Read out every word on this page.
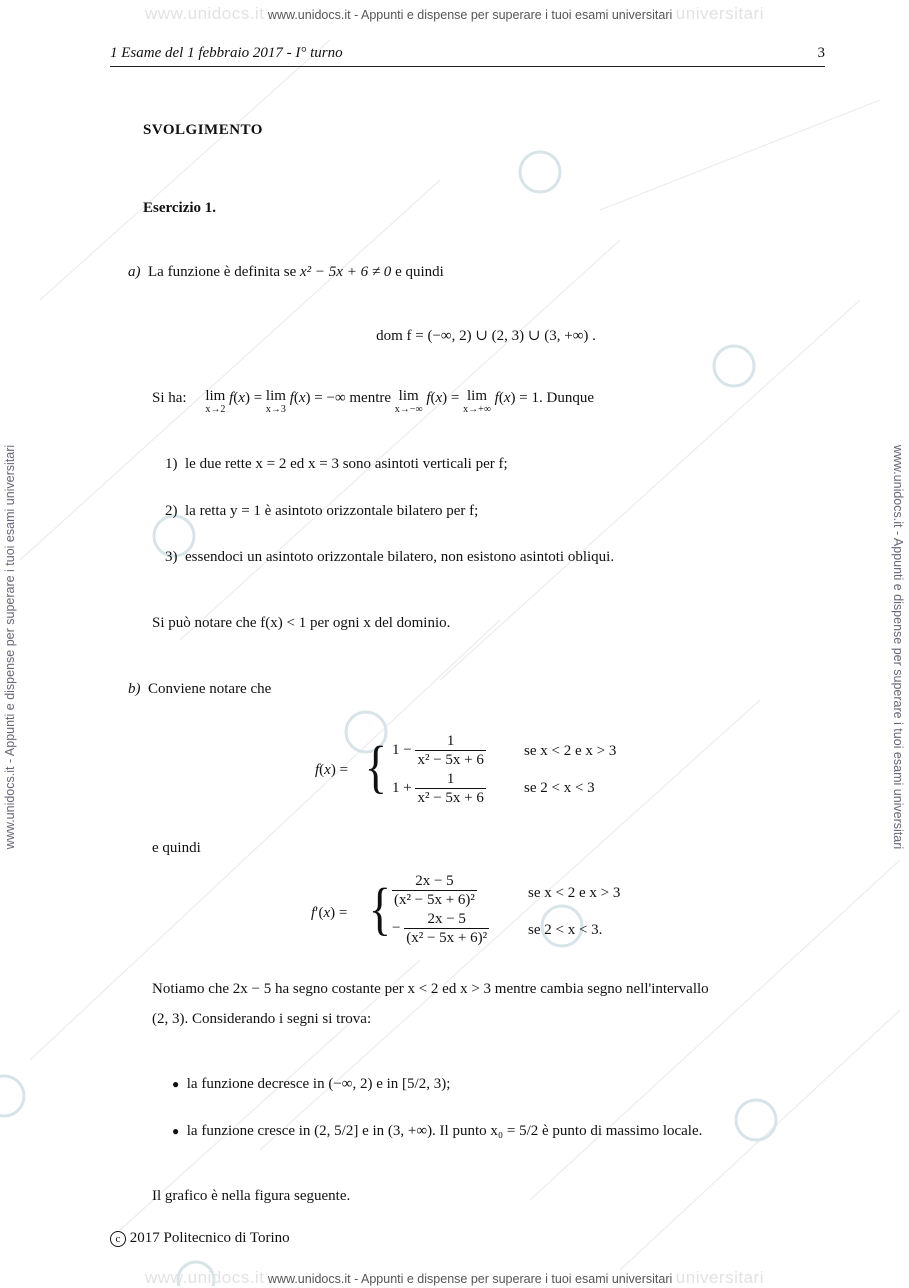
www.unidocs.it www.unidocs.it - Appunti e dispense per superare i tuoi esami universitari universitari
www.unidocs.it www.unidocs.it - Appunti e dispense per superare i tuoi esami universitari universitari
www.unidocs.it - Appunti e dispense per superare i tuoi esami universitari	www.unidocs.it - Appunti e dispense per superare i tuoi esami universitari
1 Esame del 1 febbraio 2017 - I° turno	3
SVOLGIMENTO
Esercizio 1.
a) La funzione è definita se x² − 5x + 6 ≠ 0 e quindi
dom f = (−∞, 2) ∪ (2, 3) ∪ (3, +∞) .
Si ha: lim
x→2
f(x) = lim
x→3
f(x) = −∞ mentre lim
x→−∞
f(x) = lim
x→+∞
f(x) = 1. Dunque
1) le due rette x = 2 ed x = 3 sono asintoti verticali per f;
2) la retta y = 1 è asintoto orizzontale bilatero per f;
3) essendoci un asintoto orizzontale bilatero, non esistono asintoti obliqui.
Si può notare che f(x) < 1 per ogni x del dominio.
b) Conviene notare che
f(x) = { $1 - \frac{1}{\text{x² − 5x + 6}}$	se x < 2 e x > 3
$1 + \frac{1}{\text{x² − 5x + 6}}$	se 2 < x < 3
e quindi
f′(x) = { $\frac{2x - 5}{\text{(x² − 5x + 6)²}}$	se x < 2 e x > 3
− $\frac{2x - 5}{\text{(x² − 5x + 6)²}}$	se 2 < x < 3.
Notiamo che 2x − 5 ha segno costante per x < 2 ed x > 3 mentre cambia segno nell'intervallo
(2, 3). Considerando i segni si trova:
● la funzione decresce in (−∞, 2) e in [5/2, 3);
● la funzione cresce in (2, 5/2] e in (3, +∞). Il punto x₀ = 5/2 è punto di massimo locale.
Il grafico è nella figura seguente.
c 2017 Politecnico di Torino
